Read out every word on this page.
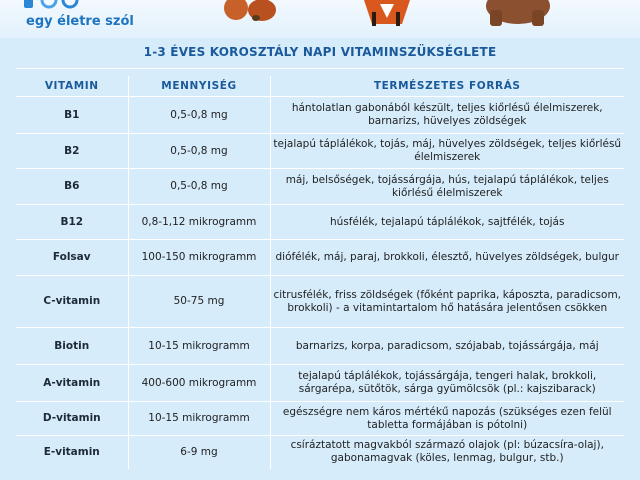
egy életre szól
1-3 ÉVES KOROSZTÁLY NAPI VITAMINSZÜKSÉGLETE
VITAMIN	MENNYISÉG	TERMÉSZETES FORRÁS
B1	0,5-0,8 mg	hántolatlan gabonából készült, teljes kiőrlésű élelmiszerek, barnarizs, hüvelyes zöldségek
B2	0,5-0,8 mg	tejalapú táplálékok, tojás, máj, hüvelyes zöldségek, teljes kiőrlésű élelmiszerek
B6	0,5-0,8 mg	máj, belsőségek, tojássárgája, hús, tejalapú táplálékok, teljes kiőrlésű élelmiszerek
B12	0,8-1,12 mikrogramm	húsfélék, tejalapú táplálékok, sajtfélék, tojás
Folsav	100-150 mikrogramm	diófélék, máj, paraj, brokkoli, élesztő, hüvelyes zöldségek, bulgur
C-vitamin	50-75 mg	citrusfélék, friss zöldségek (főként paprika, káposzta, paradicsom, brokkoli) - a vitamintartalom hő hatására jelentősen csökken
Biotin	10-15 mikrogramm	barnarizs, korpa, paradicsom, szójabab, tojássárgája, máj
A-vitamin	400-600 mikrogramm	tejalapú táplálékok, tojássárgája, tengeri halak, brokkoli, sárgarépa, sütőtök, sárga gyümölcsök (pl.: kajszibarack)
D-vitamin	10-15 mikrogramm	egészségre nem káros mértékű napozás (szükséges ezen felül tabletta formájában is pótolni)
E-vitamin	6-9 mg	csíráztatott magvakból származó olajok (pl: búzacsíra-olaj), gabonamagvak (köles, lenmag, bulgur, stb.)
